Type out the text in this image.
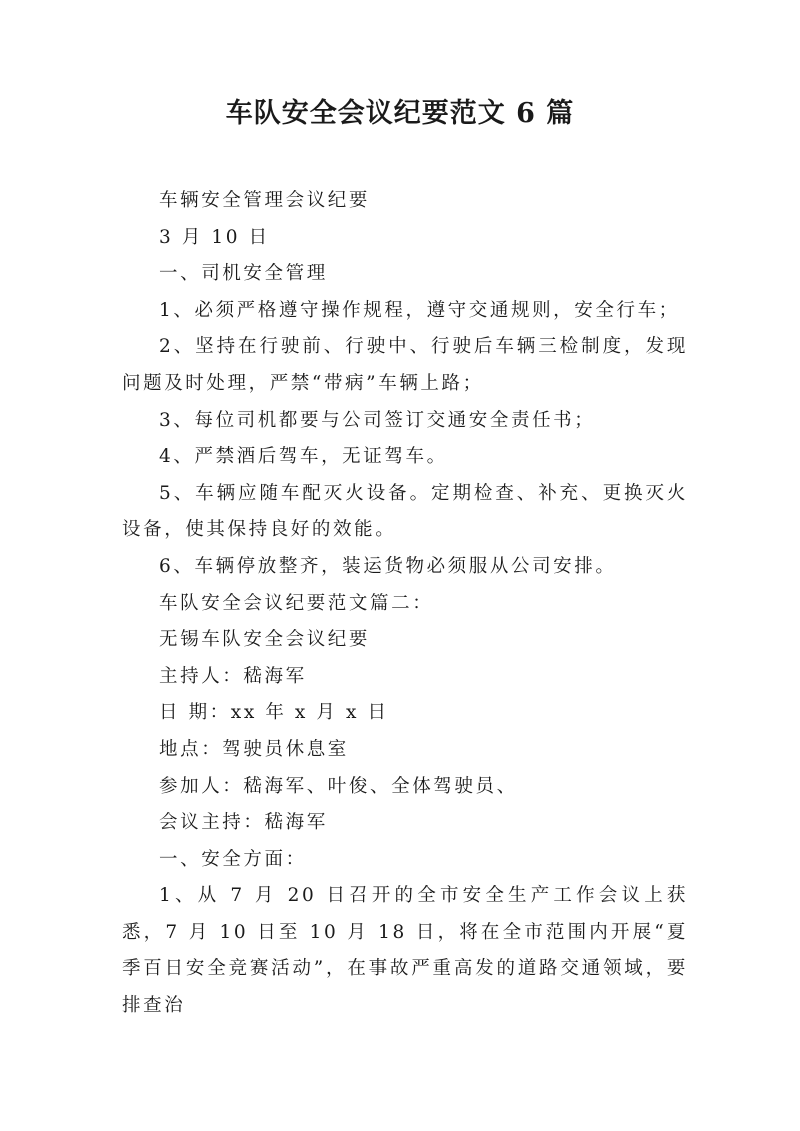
车队安全会议纪要范文 6 篇

车辆安全管理会议纪要

3 月 10 日

一、司机安全管理

1、必须严格遵守操作规程，遵守交通规则，安全行车；

2、坚持在行驶前、行驶中、行驶后车辆三检制度，发现问题及时处理，严禁“带病”车辆上路；

3、每位司机都要与公司签订交通安全责任书；

4、严禁酒后驾车，无证驾车。

5、车辆应随车配灭火设备。定期检查、补充、更换灭火设备，使其保持良好的效能。

6、车辆停放整齐，装运货物必须服从公司安排。

车队安全会议纪要范文篇二：

无锡车队安全会议纪要

主持人：嵇海军

日 期：xx 年 x 月 x 日

地点：驾驶员休息室

参加人：嵇海军、叶俊、全体驾驶员、

会议主持：嵇海军

一、安全方面：

1、从 7 月 20 日召开的全市安全生产工作会议上获悉，7 月 10 日至 10 月 18 日，将在全市范围内开展“夏季百日安全竞赛活动”，在事故严重高发的道路交通领域，要排查治
